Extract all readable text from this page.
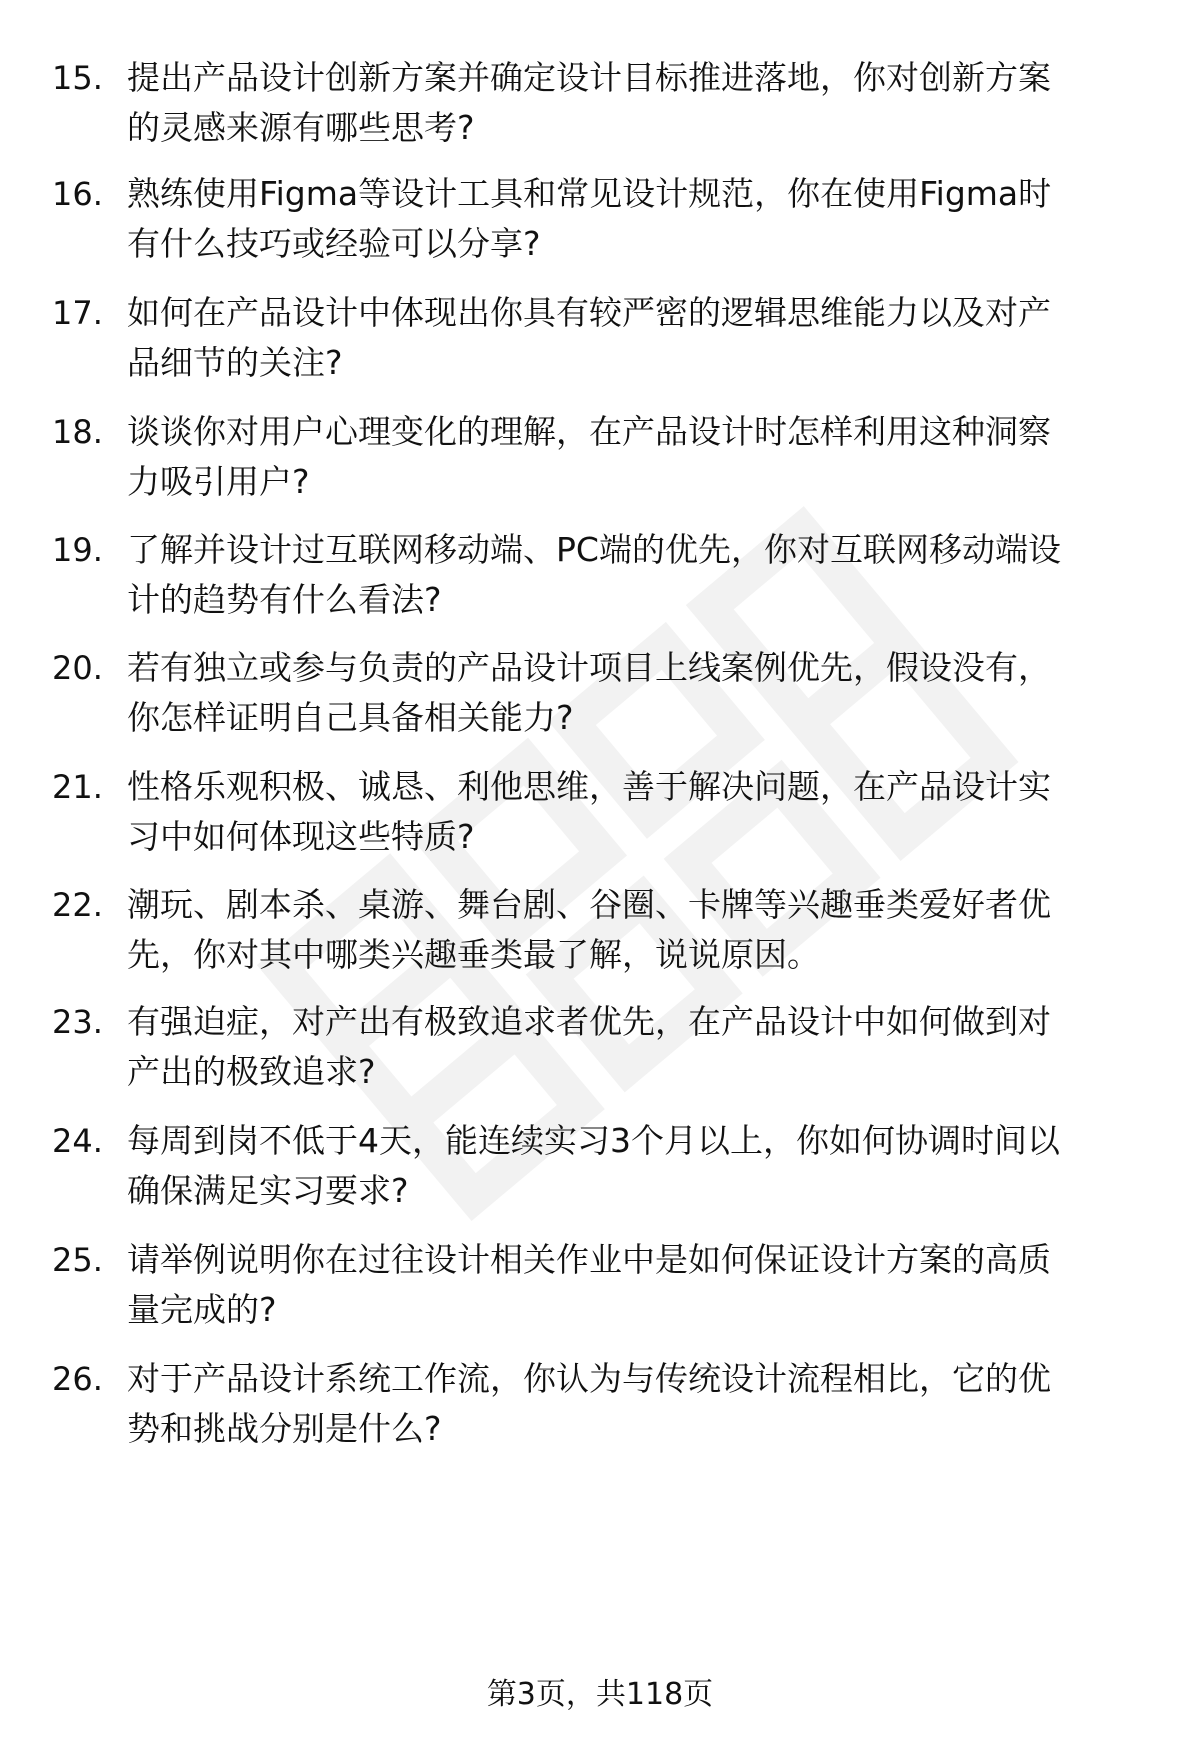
15. 提出产品设计创新方案并确定设计目标推进落地，你对创新方案
的灵感来源有哪些思考?
16. 熟练使用Figma等设计工具和常见设计规范，你在使用Figma时
有什么技巧或经验可以分享?
17. 如何在产品设计中体现出你具有较严密的逻辑思维能力以及对产
品细节的关注?
18. 谈谈你对用户心理变化的理解，在产品设计时怎样利用这种洞察
力吸引用户?
19. 了解并设计过互联网移动端、PC端的优先，你对互联网移动端设
计的趋势有什么看法?
20. 若有独立或参与负责的产品设计项目上线案例优先，假设没有，
你怎样证明自己具备相关能力?
21. 性格乐观积极、诚恳、利他思维，善于解决问题，在产品设计实
习中如何体现这些特质?
22. 潮玩、剧本杀、桌游、舞台剧、谷圈、卡牌等兴趣垂类爱好者优
先，你对其中哪类兴趣垂类最了解，说说原因。
23. 有强迫症，对产出有极致追求者优先，在产品设计中如何做到对
产出的极致追求?
24. 每周到岗不低于4天，能连续实习3个月以上，你如何协调时间以
确保满足实习要求?
25. 请举例说明你在过往设计相关作业中是如何保证设计方案的高质
量完成的?
26. 对于产品设计系统工作流，你认为与传统设计流程相比，它的优
势和挑战分别是什么?
第3页，共118页
